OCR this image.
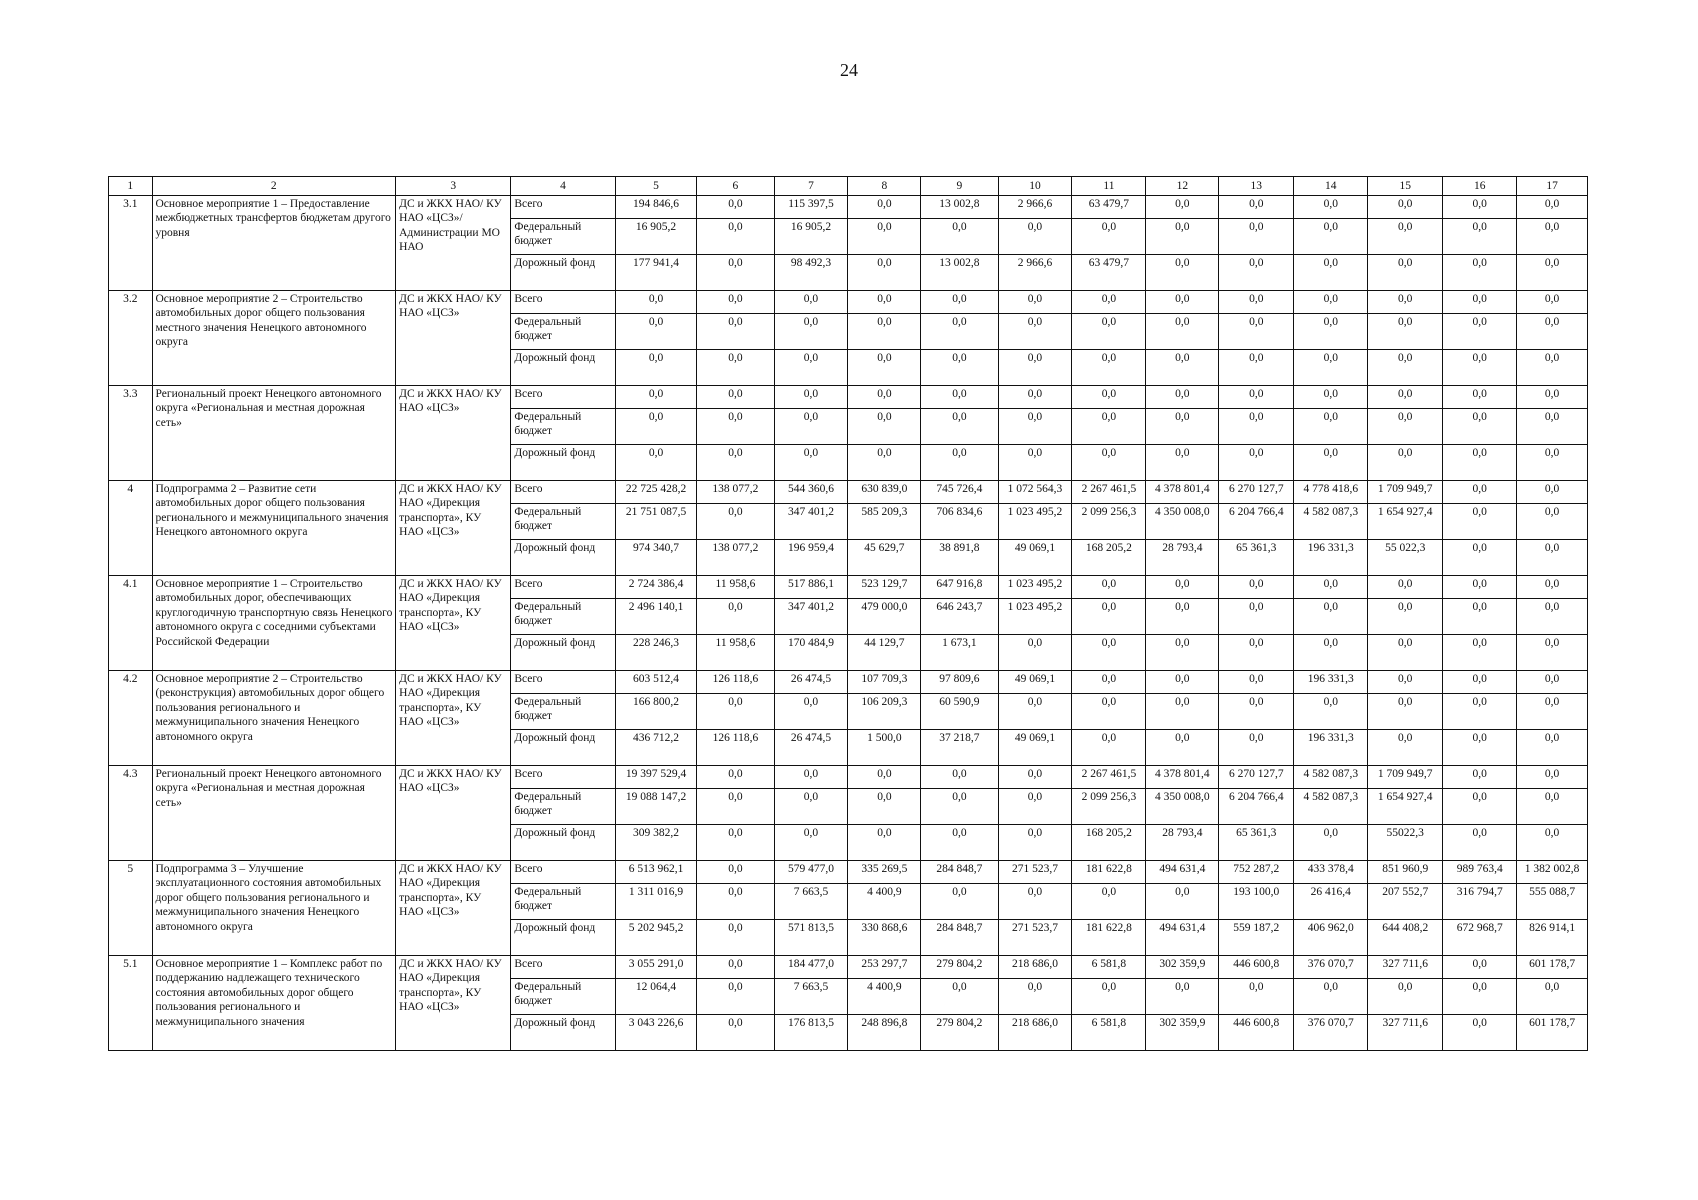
24
1	2	3	4	5	6	7	8	9	10	11	12	13	14	15	16	17
3.1	Основное мероприятие 1 – Предоставление межбюджетных трансфертов бюджетам другого уровня	ДС и ЖКХ НАО/ КУ НАО «ЦСЗ»/ Администрации МО НАО	Всего	194 846,6	0,0	115 397,5	0,0	13 002,8	2 966,6	63 479,7	0,0	0,0	0,0	0,0	0,0	0,0
			Федеральный бюджет	16 905,2	0,0	16 905,2	0,0	0,0	0,0	0,0	0,0	0,0	0,0	0,0	0,0	0,0
			Дорожный фонд	177 941,4	0,0	98 492,3	0,0	13 002,8	2 966,6	63 479,7	0,0	0,0	0,0	0,0	0,0	0,0
3.2	Основное мероприятие 2 – Строительство автомобильных дорог общего пользования местного значения Ненецкого автономного округа	ДС и ЖКХ НАО/ КУ НАО «ЦСЗ»	Всего	0,0	0,0	0,0	0,0	0,0	0,0	0,0	0,0	0,0	0,0	0,0	0,0	0,0
			Федеральный бюджет	0,0	0,0	0,0	0,0	0,0	0,0	0,0	0,0	0,0	0,0	0,0	0,0	0,0
			Дорожный фонд	0,0	0,0	0,0	0,0	0,0	0,0	0,0	0,0	0,0	0,0	0,0	0,0	0,0
3.3	Региональный проект Ненецкого автономного округа «Региональная и местная дорожная сеть»	ДС и ЖКХ НАО/ КУ НАО «ЦСЗ»	Всего	0,0	0,0	0,0	0,0	0,0	0,0	0,0	0,0	0,0	0,0	0,0	0,0	0,0
			Федеральный бюджет	0,0	0,0	0,0	0,0	0,0	0,0	0,0	0,0	0,0	0,0	0,0	0,0	0,0
			Дорожный фонд	0,0	0,0	0,0	0,0	0,0	0,0	0,0	0,0	0,0	0,0	0,0	0,0	0,0
4	Подпрограмма 2 – Развитие сети автомобильных дорог общего пользования регионального и межмуниципального значения Ненецкого автономного округа	ДС и ЖКХ НАО/ КУ НАО «Дирекция транспорта», КУ НАО «ЦСЗ»	Всего	22 725 428,2	138 077,2	544 360,6	630 839,0	745 726,4	1 072 564,3	2 267 461,5	4 378 801,4	6 270 127,7	4 778 418,6	1 709 949,7	0,0	0,0
			Федеральный бюджет	21 751 087,5	0,0	347 401,2	585 209,3	706 834,6	1 023 495,2	2 099 256,3	4 350 008,0	6 204 766,4	4 582 087,3	1 654 927,4	0,0	0,0
			Дорожный фонд	974 340,7	138 077,2	196 959,4	45 629,7	38 891,8	49 069,1	168 205,2	28 793,4	65 361,3	196 331,3	55 022,3	0,0	0,0
4.1	Основное мероприятие 1 – Строительство автомобильных дорог, обеспечивающих круглогодичную транспортную связь Ненецкого автономного округа с соседними субъектами Российской Федерации	ДС и ЖКХ НАО/ КУ НАО «Дирекция транспорта», КУ НАО «ЦСЗ»	Всего	2 724 386,4	11 958,6	517 886,1	523 129,7	647 916,8	1 023 495,2	0,0	0,0	0,0	0,0	0,0	0,0	0,0
			Федеральный бюджет	2 496 140,1	0,0	347 401,2	479 000,0	646 243,7	1 023 495,2	0,0	0,0	0,0	0,0	0,0	0,0	0,0
			Дорожный фонд	228 246,3	11 958,6	170 484,9	44 129,7	1 673,1	0,0	0,0	0,0	0,0	0,0	0,0	0,0	0,0
4.2	Основное мероприятие 2 – Строительство (реконструкция) автомобильных дорог общего пользования регионального и межмуниципального значения Ненецкого автономного округа	ДС и ЖКХ НАО/ КУ НАО «Дирекция транспорта», КУ НАО «ЦСЗ»	Всего	603 512,4	126 118,6	26 474,5	107 709,3	97 809,6	49 069,1	0,0	0,0	0,0	196 331,3	0,0	0,0	0,0
			Федеральный бюджет	166 800,2	0,0	0,0	106 209,3	60 590,9	0,0	0,0	0,0	0,0	0,0	0,0	0,0	0,0
			Дорожный фонд	436 712,2	126 118,6	26 474,5	1 500,0	37 218,7	49 069,1	0,0	0,0	0,0	196 331,3	0,0	0,0	0,0
4.3	Региональный проект Ненецкого автономного округа «Региональная и местная дорожная сеть»	ДС и ЖКХ НАО/ КУ НАО «ЦСЗ»	Всего	19 397 529,4	0,0	0,0	0,0	0,0	0,0	2 267 461,5	4 378 801,4	6 270 127,7	4 582 087,3	1 709 949,7	0,0	0,0
			Федеральный бюджет	19 088 147,2	0,0	0,0	0,0	0,0	0,0	2 099 256,3	4 350 008,0	6 204 766,4	4 582 087,3	1 654 927,4	0,0	0,0
			Дорожный фонд	309 382,2	0,0	0,0	0,0	0,0	0,0	168 205,2	28 793,4	65 361,3	0,0	55022,3	0,0	0,0
5	Подпрограмма 3 – Улучшение эксплуатационного состояния автомобильных дорог общего пользования регионального и межмуниципального значения Ненецкого автономного округа	ДС и ЖКХ НАО/ КУ НАО «Дирекция транспорта», КУ НАО «ЦСЗ»	Всего	6 513 962,1	0,0	579 477,0	335 269,5	284 848,7	271 523,7	181 622,8	494 631,4	752 287,2	433 378,4	851 960,9	989 763,4	1 382 002,8
			Федеральный бюджет	1 311 016,9	0,0	7 663,5	4 400,9	0,0	0,0	0,0	0,0	193 100,0	26 416,4	207 552,7	316 794,7	555 088,7
			Дорожный фонд	5 202 945,2	0,0	571 813,5	330 868,6	284 848,7	271 523,7	181 622,8	494 631,4	559 187,2	406 962,0	644 408,2	672 968,7	826 914,1
5.1	Основное мероприятие 1 – Комплекс работ по поддержанию надлежащего технического состояния автомобильных дорог общего пользования регионального и межмуниципального значения	ДС и ЖКХ НАО/ КУ НАО «Дирекция транспорта», КУ НАО «ЦСЗ»	Всего	3 055 291,0	0,0	184 477,0	253 297,7	279 804,2	218 686,0	6 581,8	302 359,9	446 600,8	376 070,7	327 711,6	0,0	601 178,7
			Федеральный бюджет	12 064,4	0,0	7 663,5	4 400,9	0,0	0,0	0,0	0,0	0,0	0,0	0,0	0,0	0,0
			Дорожный фонд	3 043 226,6	0,0	176 813,5	248 896,8	279 804,2	218 686,0	6 581,8	302 359,9	446 600,8	376 070,7	327 711,6	0,0	601 178,7
